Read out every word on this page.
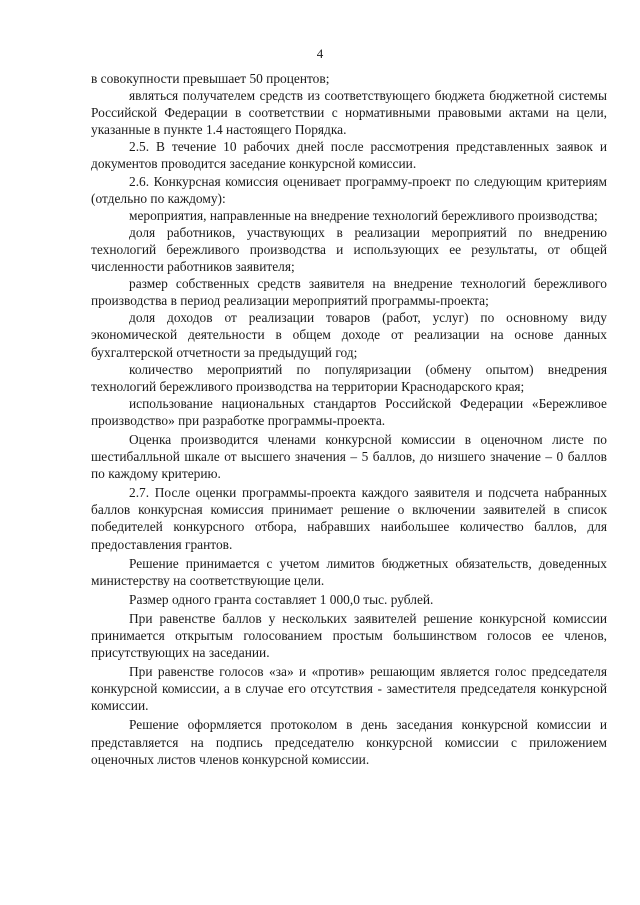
4

в совокупности превышает 50 процентов;

являться получателем средств из соответствующего бюджета бюджетной системы Российской Федерации в соответствии с нормативными правовыми актами на цели, указанные в пункте 1.4 настоящего Порядка.

2.5. В течение 10 рабочих дней после рассмотрения представленных заявок и документов проводится заседание конкурсной комиссии.

2.6. Конкурсная комиссия оценивает программу-проект по следующим критериям (отдельно по каждому):

мероприятия, направленные на внедрение технологий бережливого производства;

доля работников, участвующих в реализации мероприятий по внедрению технологий бережливого производства и использующих ее результаты, от общей численности работников заявителя;

размер собственных средств заявителя на внедрение технологий бережливого производства в период реализации мероприятий программы-проекта;

доля доходов от реализации товаров (работ, услуг) по основному виду экономической деятельности в общем доходе от реализации на основе данных бухгалтерской отчетности за предыдущий год;

количество мероприятий по популяризации (обмену опытом) внедрения технологий бережливого производства на территории Краснодарского края;

использование национальных стандартов Российской Федерации «Бережливое производство» при разработке программы-проекта.

Оценка производится членами конкурсной комиссии в оценочном листе по шестибалльной шкале от высшего значения – 5 баллов, до низшего значение – 0 баллов по каждому критерию.

2.7. После оценки программы-проекта каждого заявителя и подсчета набранных баллов конкурсная комиссия принимает решение о включении заявителей в список победителей конкурсного отбора, набравших наибольшее количество баллов, для предоставления грантов.

Решение принимается с учетом лимитов бюджетных обязательств, доведенных министерству на соответствующие цели.

Размер одного гранта составляет 1 000,0 тыс. рублей.

При равенстве баллов у нескольких заявителей решение конкурсной комиссии принимается открытым голосованием простым большинством голосов ее членов, присутствующих на заседании.

При равенстве голосов «за» и «против» решающим является голос председателя конкурсной комиссии, а в случае его отсутствия - заместителя председателя конкурсной комиссии.

Решение оформляется протоколом в день заседания конкурсной комиссии и представляется на подпись председателю конкурсной комиссии с приложением оценочных листов членов конкурсной комиссии.
